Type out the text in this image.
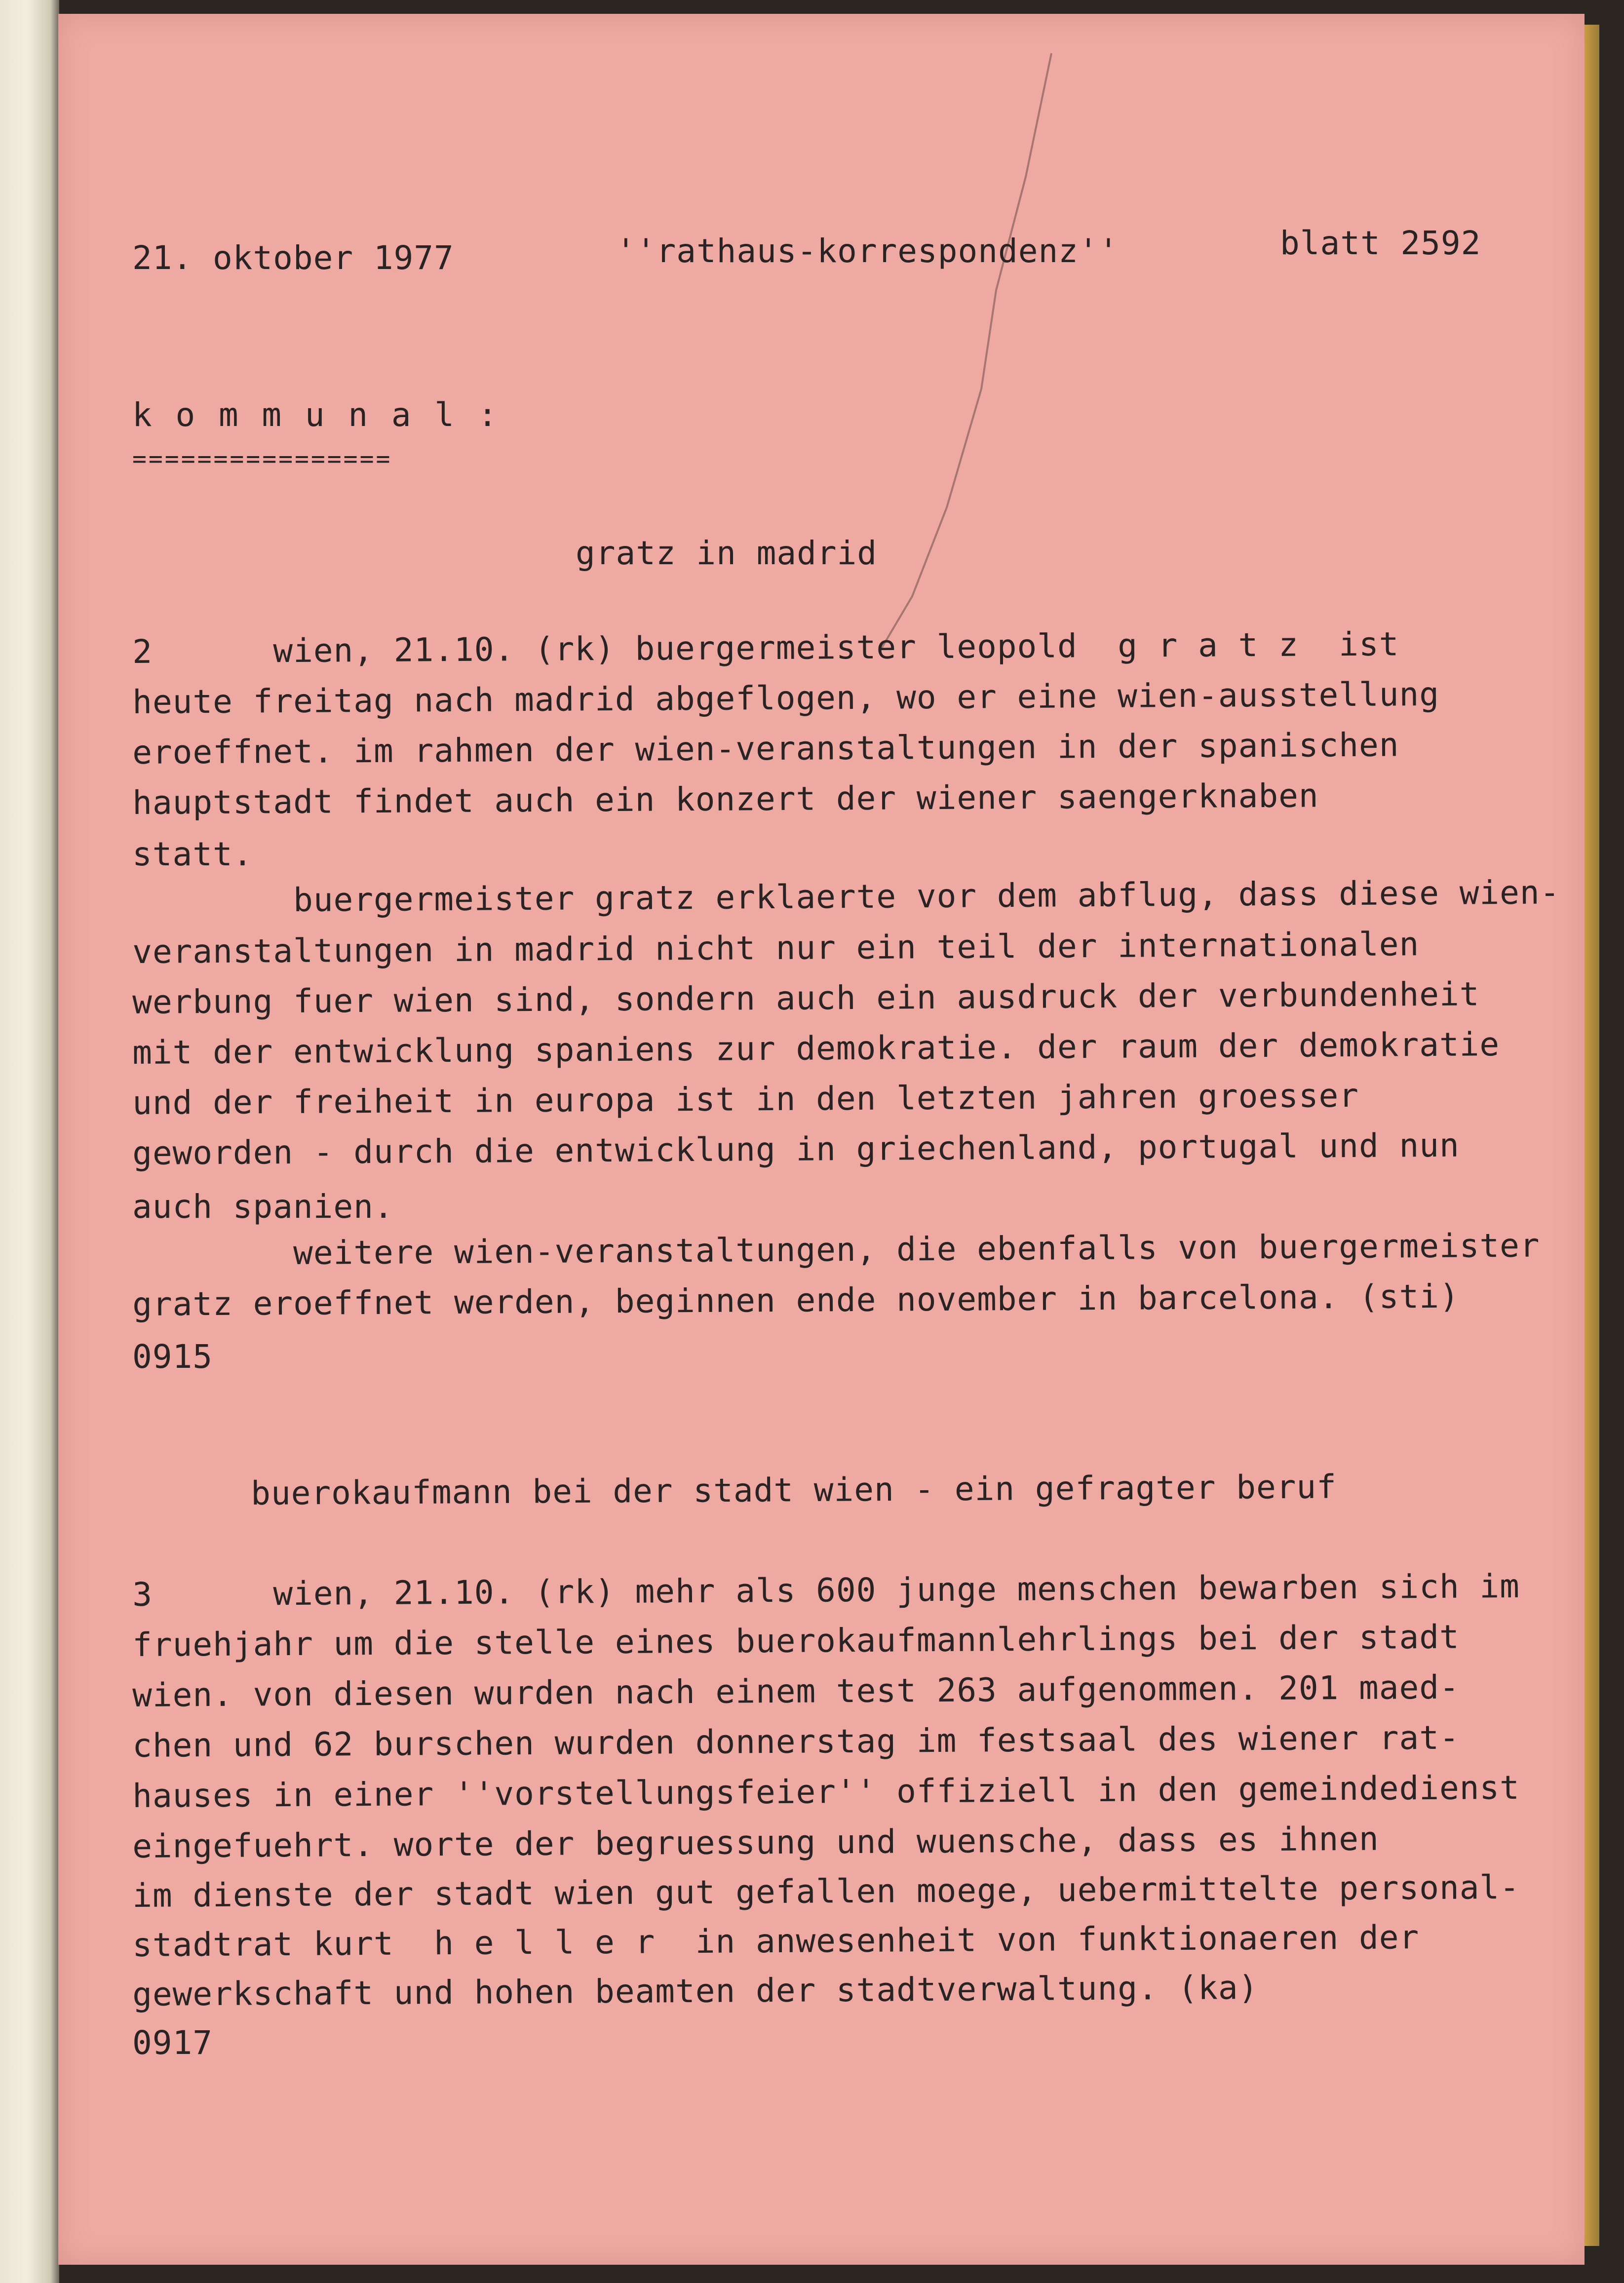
21. oktober 1977	''rathaus-korrespondenz''	blatt 2592
k o m m u n a l :
================
gratz in madrid
2      wien, 21.10. (rk) buergermeister leopold  g r a t z  ist
heute freitag nach madrid abgeflogen, wo er eine wien-ausstellung
eroeffnet. im rahmen der wien-veranstaltungen in der spanischen
hauptstadt findet auch ein konzert der wiener saengerknaben
statt.
buergermeister gratz erklaerte vor dem abflug, dass diese wien-
veranstaltungen in madrid nicht nur ein teil der internationalen
werbung fuer wien sind, sondern auch ein ausdruck der verbundenheit
mit der entwicklung spaniens zur demokratie. der raum der demokratie
und der freiheit in europa ist in den letzten jahren groesser
geworden - durch die entwicklung in griechenland, portugal und nun
auch spanien.
weitere wien-veranstaltungen, die ebenfalls von buergermeister
gratz eroeffnet werden, beginnen ende november in barcelona. (sti)
0915
buerokaufmann bei der stadt wien - ein gefragter beruf
3      wien, 21.10. (rk) mehr als 600 junge menschen bewarben sich im
fruehjahr um die stelle eines buerokaufmannlehrlings bei der stadt
wien. von diesen wurden nach einem test 263 aufgenommen. 201 maed-
chen und 62 burschen wurden donnerstag im festsaal des wiener rat-
hauses in einer ''vorstellungsfeier'' offiziell in den gemeindedienst
eingefuehrt. worte der begruessung und wuensche, dass es ihnen
im dienste der stadt wien gut gefallen moege, uebermittelte personal-
stadtrat kurt  h e l l e r  in anwesenheit von funktionaeren der
gewerkschaft und hohen beamten der stadtverwaltung. (ka)
0917
